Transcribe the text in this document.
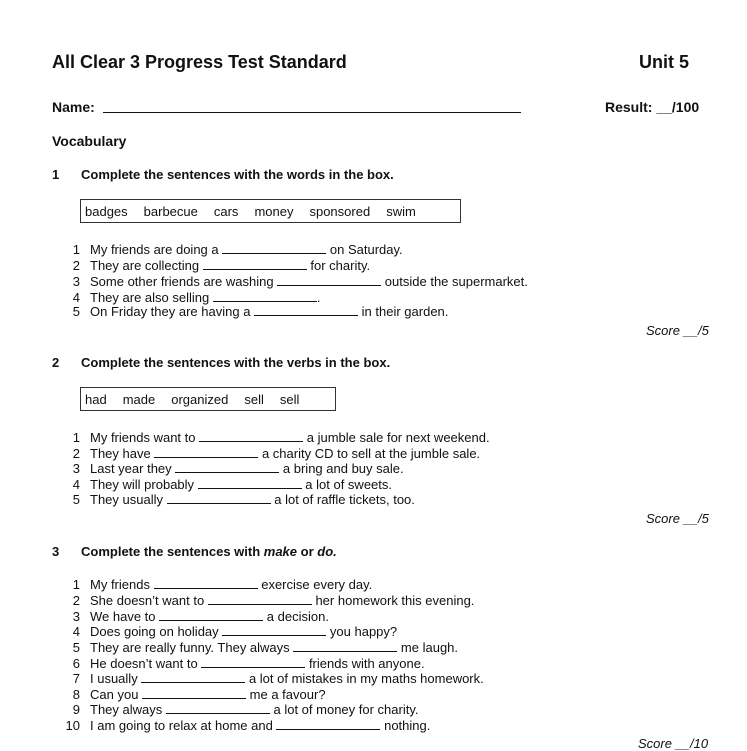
All Clear 3 Progress Test Standard	Unit 5
Name:	Result: __/100
Vocabulary
1 Complete the sentences with the words in the box.
badges barbecue cars money sponsored swim
1 My friends are doing a	on Saturday.
2 They are collecting	for charity.
3 Some other friends are washing	outside the supermarket.
4 They are also selling	.
5 On Friday they are having a	in their garden.
Score __/5
2 Complete the sentences with the verbs in the box.
had made organized sell sell
1 My friends want to	a jumble sale for next weekend.
2 They have	a charity CD to sell at the jumble sale.
3 Last year they	a bring and buy sale.
4 They will probably	a lot of sweets.
5 They usually	a lot of raffle tickets, too.
Score __/5
3 Complete the sentences with make or do.
1 My friends	exercise every day.
2 She doesn’t want to	her homework this evening.
3 We have to	a decision.
4 Does going on holiday	you happy?
5 They are really funny. They always	me laugh.
6 He doesn’t want to	friends with anyone.
7 I usually	a lot of mistakes in my maths homework.
8 Can you	me a favour?
9 They always	a lot of money for charity.
10 I am going to relax at home and	nothing.
Score __/10
